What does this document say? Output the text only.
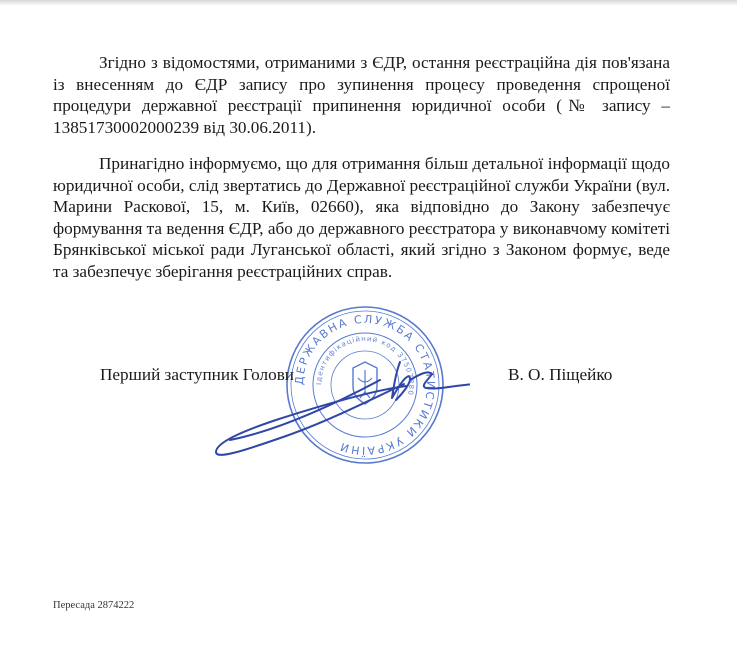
Згідно з відомостями, отриманими з ЄДР, остання реєстраційна дія пов'язана із внесенням до ЄДР запису про зупинення процесу проведення спрощеної процедури державної реєстрації припинення юридичної особи (№ запису – 13851730002000239 від 30.06.2011).

Принагідно інформуємо, що для отримання більш детальної інформації щодо юридичної особи, слід звертатись до Державної реєстраційної служби України (вул. Марини Раскової, 15, м. Київ, 02660), яка відповідно до Закону забезпечує формування та ведення ЄДР, або до державного реєстратора у виконавчому комітеті Брянківської міської ради Луганської області, який згідно з Законом формує, веде та забезпечує зберігання реєстраційних справ.

ДЕРЖАВНА СЛУЖБА СТАТИСТИКИ УКРАЇНИ
Ідентифікаційний код 37507880
Перший заступник Голови	В. О. Піщейко
Пересада 2874222
